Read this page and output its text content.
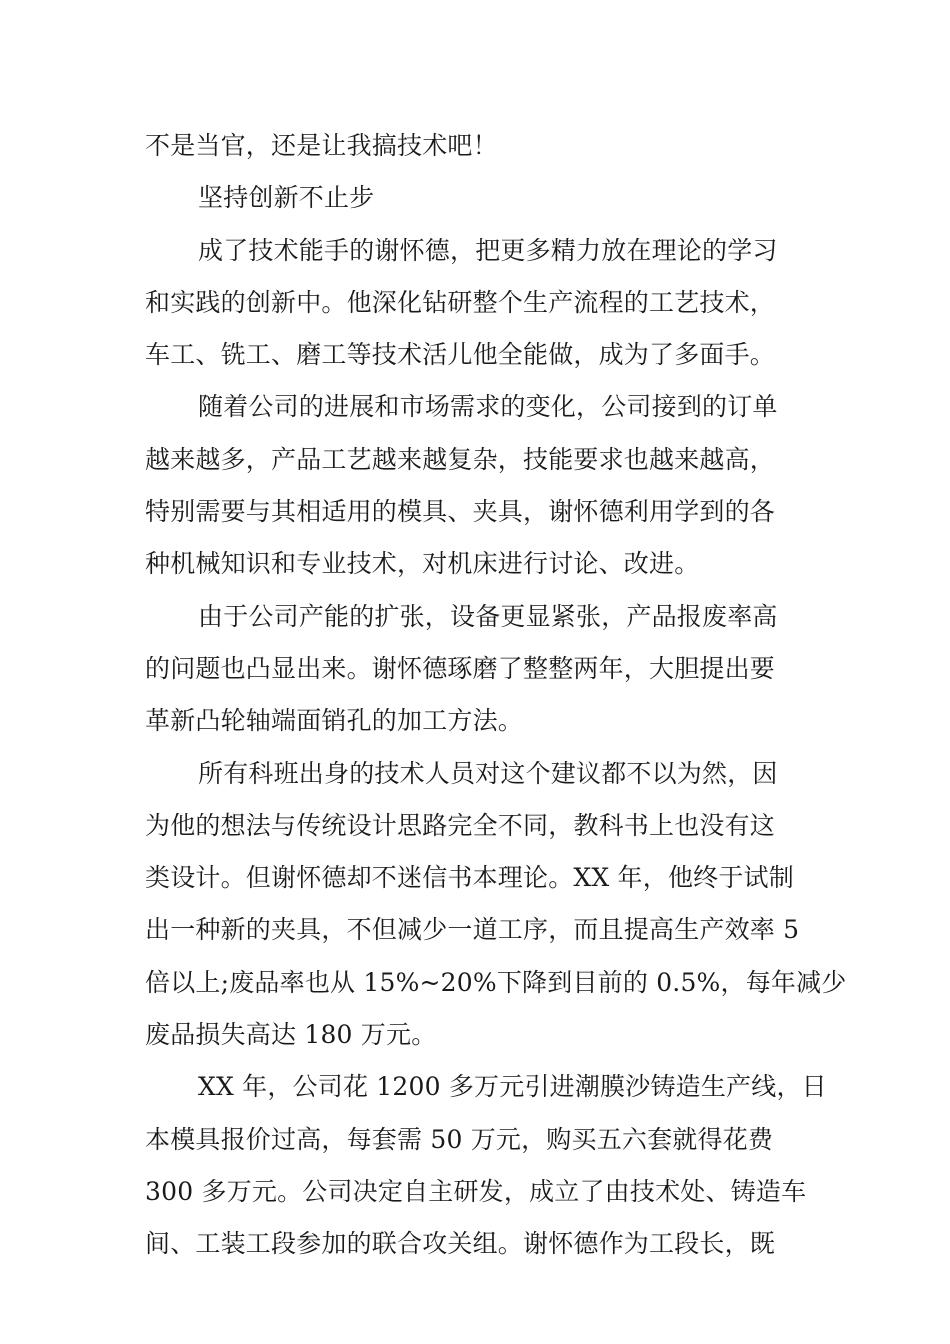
不是当官，还是让我搞技术吧！
坚持创新不止步
成了技术能手的谢怀德，把更多精力放在理论的学习
和实践的创新中。他深化钻研整个生产流程的工艺技术，
车工、铣工、磨工等技术活儿他全能做，成为了多面手。
随着公司的进展和市场需求的变化，公司接到的订单
越来越多，产品工艺越来越复杂，技能要求也越来越高，
特别需要与其相适用的模具、夹具，谢怀德利用学到的各
种机械知识和专业技术，对机床进行讨论、改进。
由于公司产能的扩张，设备更显紧张，产品报废率高
的问题也凸显出来。谢怀德琢磨了整整两年，大胆提出要
革新凸轮轴端面销孔的加工方法。
所有科班出身的技术人员对这个建议都不以为然，因
为他的想法与传统设计思路完全不同，教科书上也没有这
类设计。但谢怀德却不迷信书本理论。XX 年，他终于试制
出一种新的夹具，不但减少一道工序，而且提高生产效率 5
倍以上;废品率也从 15%~20%下降到目前的 0.5%，每年减少
废品损失高达 180 万元。
XX 年，公司花 1200 多万元引进潮膜沙铸造生产线，日
本模具报价过高，每套需 50 万元，购买五六套就得花费
300 多万元。公司决定自主研发，成立了由技术处、铸造车
间、工装工段参加的联合攻关组。谢怀德作为工段长，既
